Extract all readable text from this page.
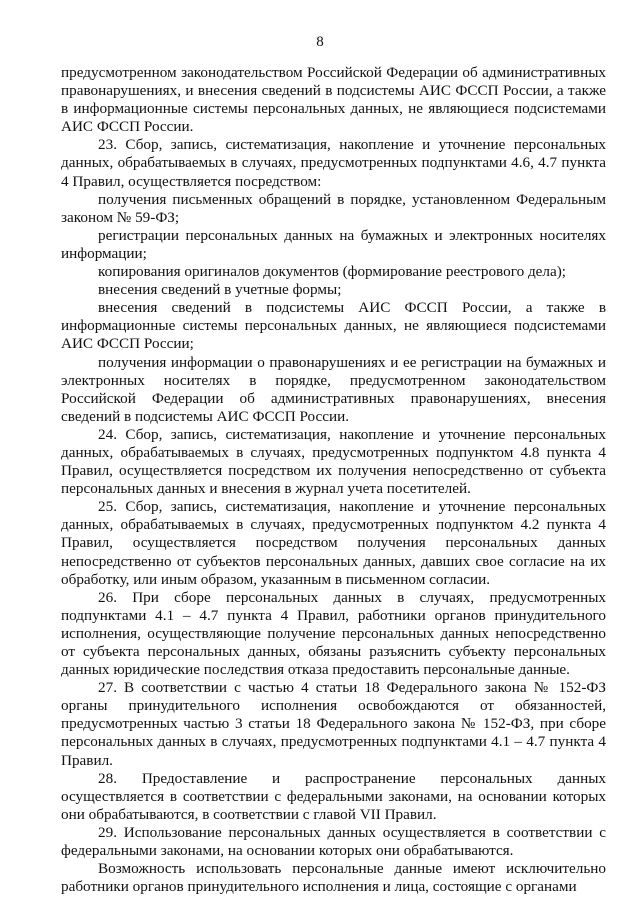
8

предусмотренном законодательством Российской Федерации об административных правонарушениях, и внесения сведений в подсистемы АИС ФССП России, а также в информационные системы персональных данных, не являющиеся подсистемами АИС ФССП России.

23. Сбор, запись, систематизация, накопление и уточнение персональных данных, обрабатываемых в случаях, предусмотренных подпунктами 4.6, 4.7 пункта 4 Правил, осуществляется посредством:

получения письменных обращений в порядке, установленном Федеральным законом № 59-ФЗ;

регистрации персональных данных на бумажных и электронных носителях информации;

копирования оригиналов документов (формирование реестрового дела);

внесения сведений в учетные формы;

внесения сведений в подсистемы АИС ФССП России, а также в информационные системы персональных данных, не являющиеся подсистемами АИС ФССП России;

получения информации о правонарушениях и ее регистрации на бумажных и электронных носителях в порядке, предусмотренном законодательством Российской Федерации об административных правонарушениях, внесения сведений в подсистемы АИС ФССП России.

24. Сбор, запись, систематизация, накопление и уточнение персональных данных, обрабатываемых в случаях, предусмотренных подпунктом 4.8 пункта 4 Правил, осуществляется посредством их получения непосредственно от субъекта персональных данных и внесения в журнал учета посетителей.

25. Сбор, запись, систематизация, накопление и уточнение персональных данных, обрабатываемых в случаях, предусмотренных подпунктом 4.2 пункта 4 Правил, осуществляется посредством получения персональных данных непосредственно от субъектов персональных данных, давших свое согласие на их обработку, или иным образом, указанным в письменном согласии.

26. При сборе персональных данных в случаях, предусмотренных подпунктами 4.1 – 4.7 пункта 4 Правил, работники органов принудительного исполнения, осуществляющие получение персональных данных непосредственно от субъекта персональных данных, обязаны разъяснить субъекту персональных данных юридические последствия отказа предоставить персональные данные.

27. В соответствии с частью 4 статьи 18 Федерального закона № 152-ФЗ органы принудительного исполнения освобождаются от обязанностей, предусмотренных частью 3 статьи 18 Федерального закона № 152-ФЗ, при сборе персональных данных в случаях, предусмотренных подпунктами 4.1 – 4.7 пункта 4 Правил.

28. Предоставление и распространение персональных данных осуществляется в соответствии с федеральными законами, на основании которых они обрабатываются, в соответствии с главой VII Правил.

29. Использование персональных данных осуществляется в соответствии с федеральными законами, на основании которых они обрабатываются.

Возможность использовать персональные данные имеют исключительно работники органов принудительного исполнения и лица, состоящие с органами
